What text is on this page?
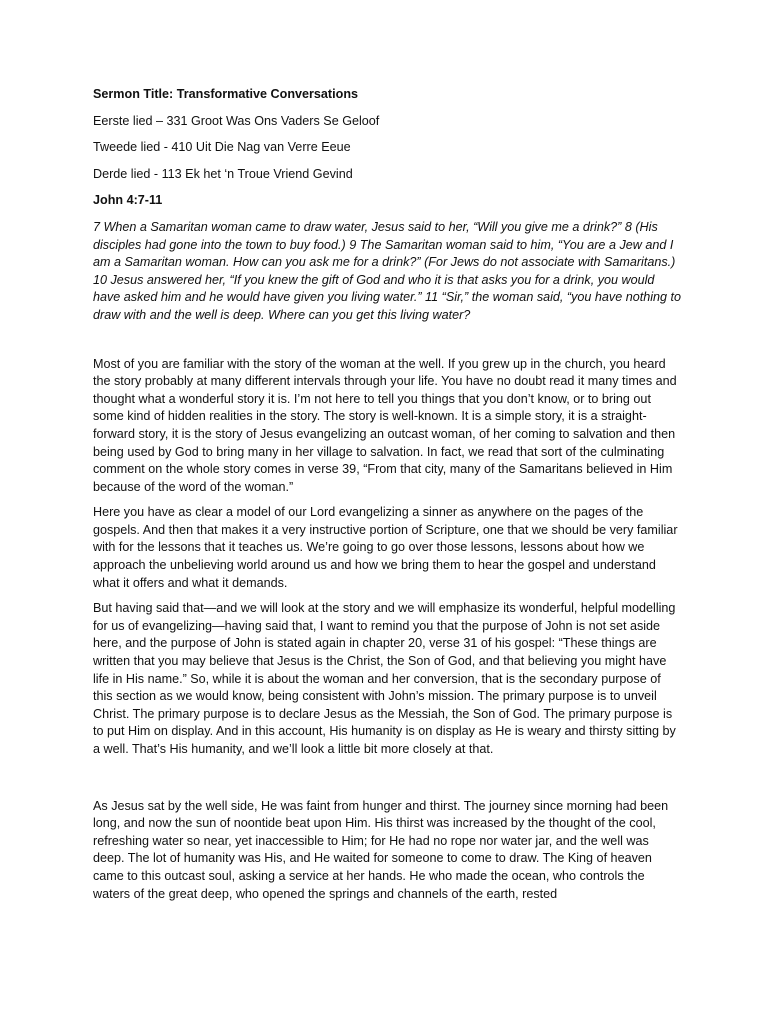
Sermon Title: Transformative Conversations

Eerste lied – 331 Groot Was Ons Vaders Se Geloof

Tweede lied - 410 Uit Die Nag van Verre Eeue

Derde lied - 113 Ek het ‘n Troue Vriend Gevind

John 4:7-11

7 When a Samaritan woman came to draw water, Jesus said to her, “Will you give me a drink?” 8 (His disciples had gone into the town to buy food.) 9 The Samaritan woman said to him, “You are a Jew and I am a Samaritan woman. How can you ask me for a drink?” (For Jews do not associate with Samaritans.) 10 Jesus answered her, “If you knew the gift of God and who it is that asks you for a drink, you would have asked him and he would have given you living water.” 11 “Sir,” the woman said, “you have nothing to draw with and the well is deep. Where can you get this living water?

Most of you are familiar with the story of the woman at the well. If you grew up in the church, you heard the story probably at many different intervals through your life. You have no doubt read it many times and thought what a wonderful story it is. I’m not here to tell you things that you don’t know, or to bring out some kind of hidden realities in the story. The story is well-known. It is a simple story, it is a straight-forward story, it is the story of Jesus evangelizing an outcast woman, of her coming to salvation and then being used by God to bring many in her village to salvation. In fact, we read that sort of the culminating comment on the whole story comes in verse 39, “From that city, many of the Samaritans believed in Him because of the word of the woman.”

Here you have as clear a model of our Lord evangelizing a sinner as anywhere on the pages of the gospels. And then that makes it a very instructive portion of Scripture, one that we should be very familiar with for the lessons that it teaches us. We’re going to go over those lessons, lessons about how we approach the unbelieving world around us and how we bring them to hear the gospel and understand what it offers and what it demands.

But having said that—and we will look at the story and we will emphasize its wonderful, helpful modelling for us of evangelizing—having said that, I want to remind you that the purpose of John is not set aside here, and the purpose of John is stated again in chapter 20, verse 31 of his gospel: “These things are written that you may believe that Jesus is the Christ, the Son of God, and that believing you might have life in His name.” So, while it is about the woman and her conversion, that is the secondary purpose of this section as we would know, being consistent with John’s mission. The primary purpose is to unveil Christ. The primary purpose is to declare Jesus as the Messiah, the Son of God. The primary purpose is to put Him on display. And in this account, His humanity is on display as He is weary and thirsty sitting by a well. That’s His humanity, and we’ll look a little bit more closely at that.

As Jesus sat by the well side, He was faint from hunger and thirst. The journey since morning had been long, and now the sun of noontide beat upon Him. His thirst was increased by the thought of the cool, refreshing water so near, yet inaccessible to Him; for He had no rope nor water jar, and the well was deep. The lot of humanity was His, and He waited for someone to come to draw. The King of heaven came to this outcast soul, asking a service at her hands. He who made the ocean, who controls the waters of the great deep, who opened the springs and channels of the earth, rested
